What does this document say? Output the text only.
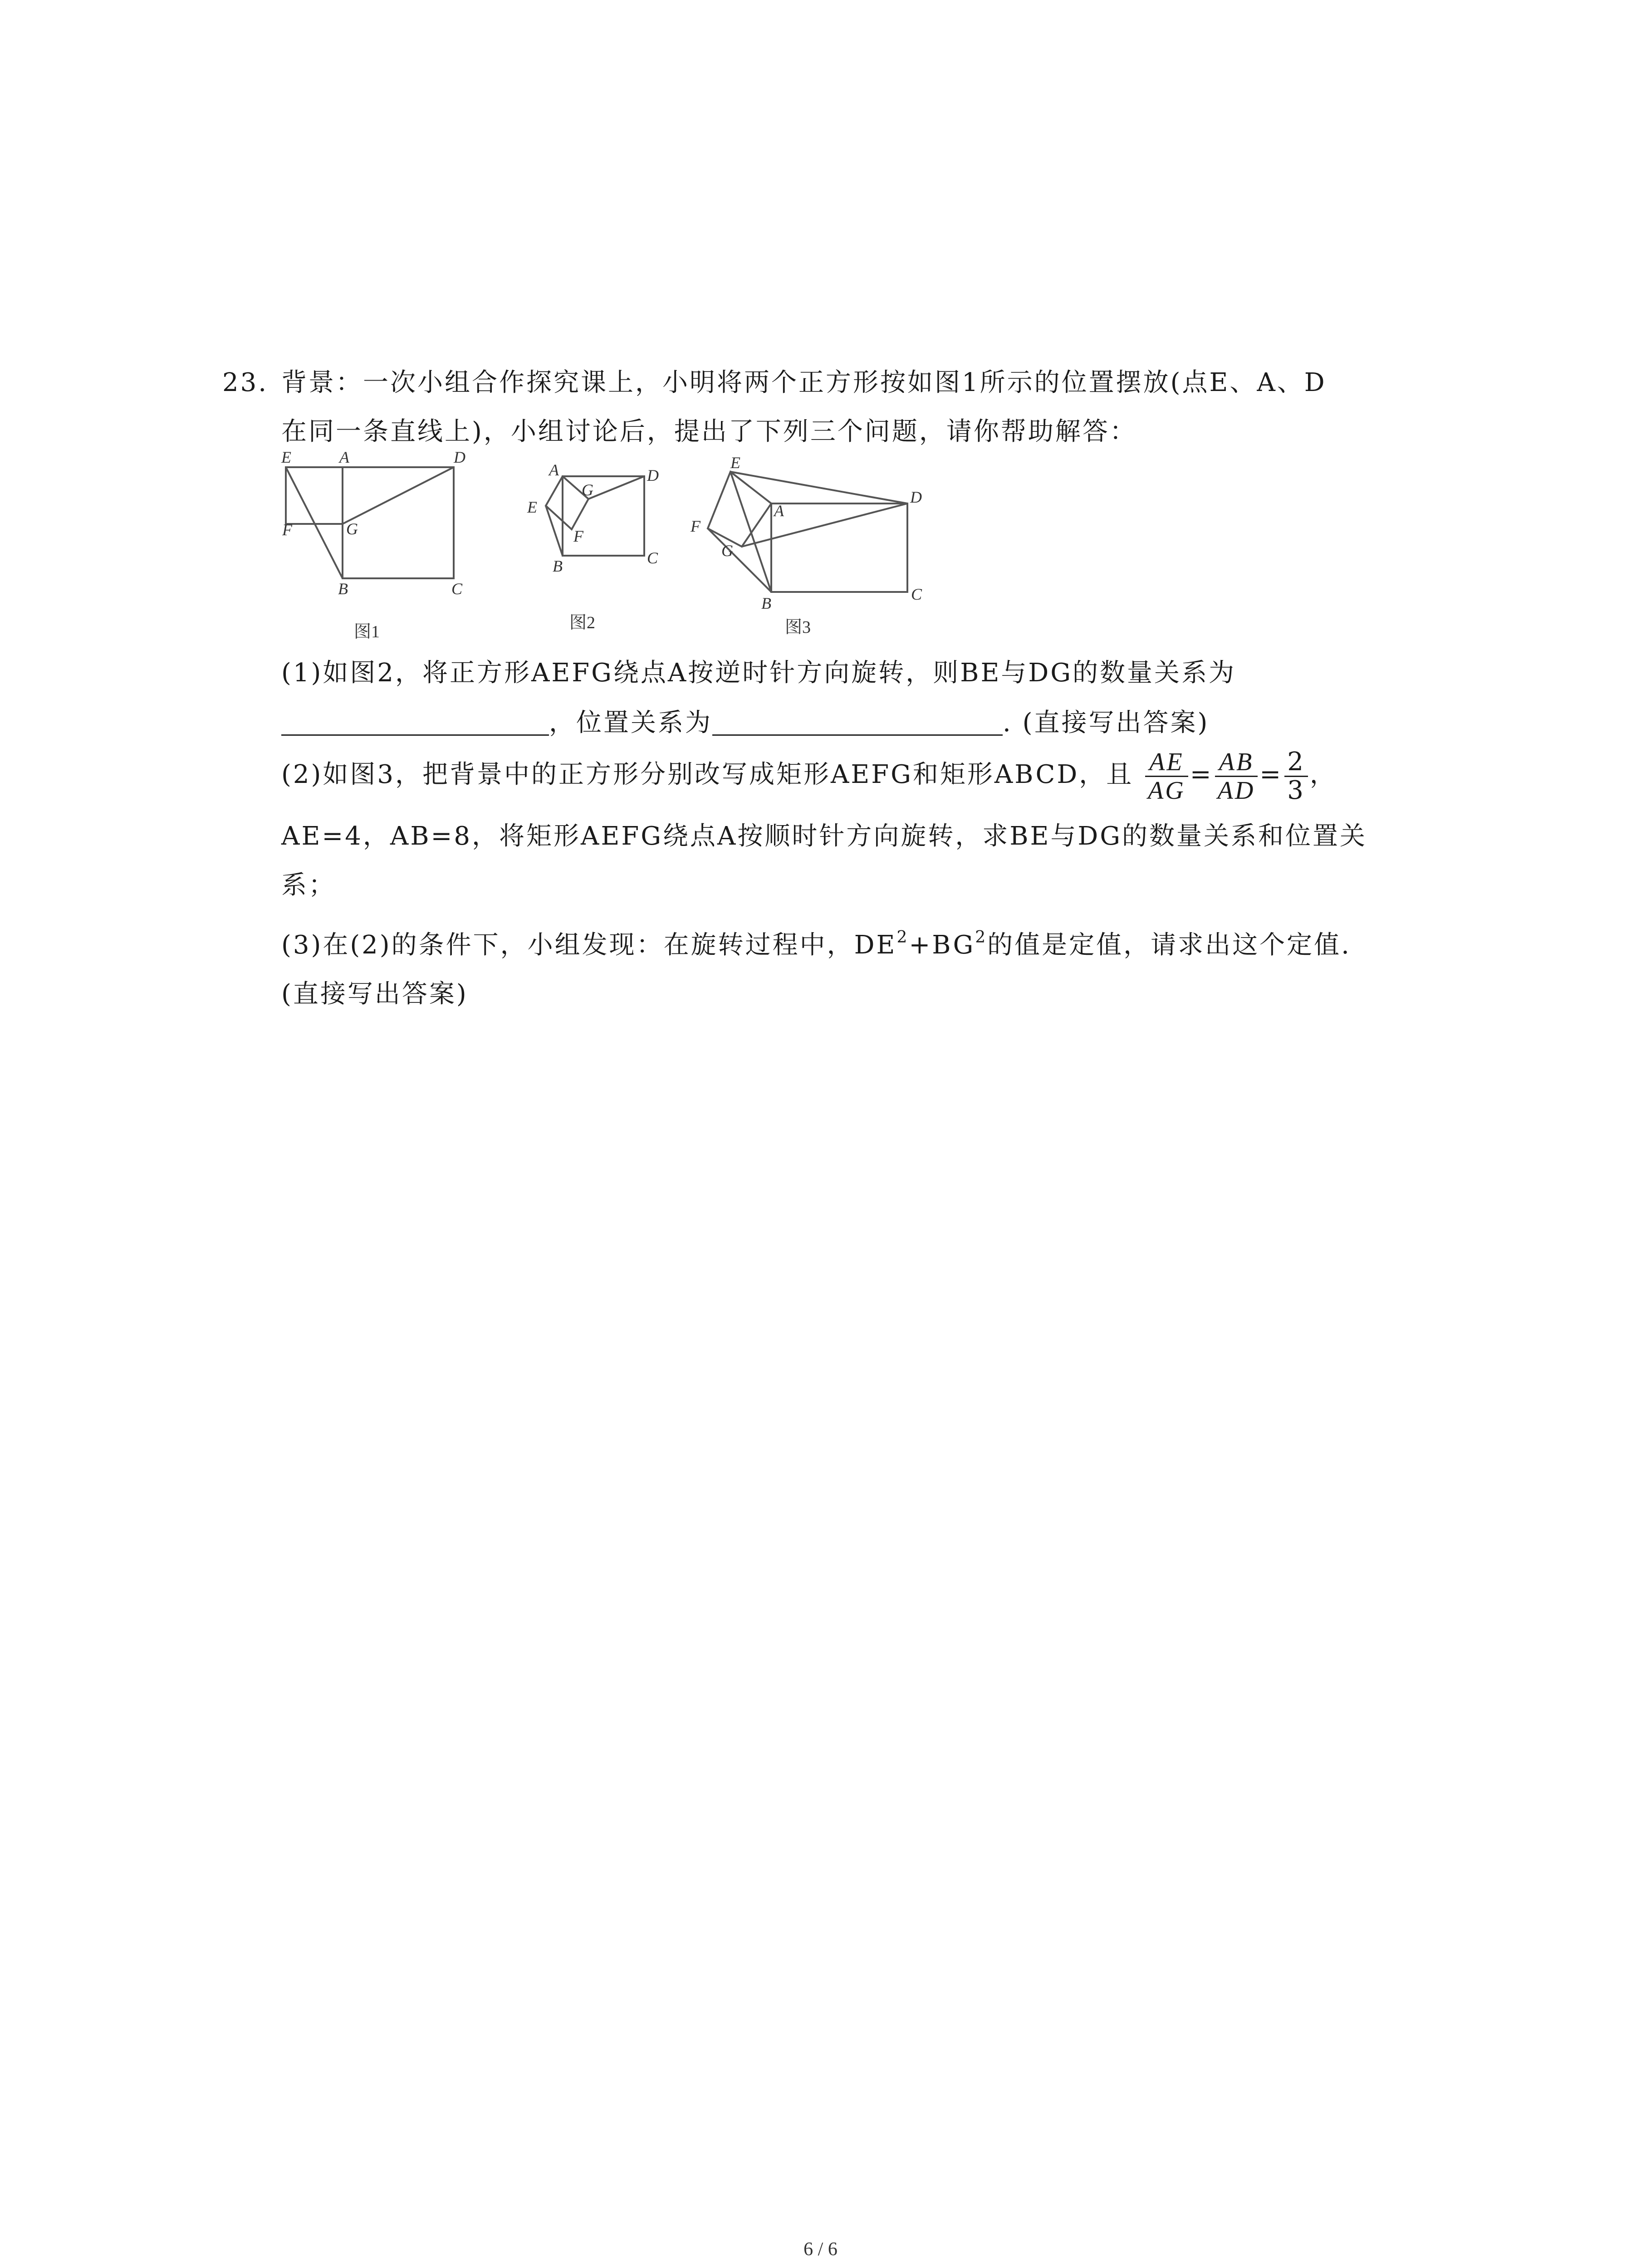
23. 背景：一次小组合作探究课上，小明将两个正方形按如图1所示的位置摆放(点E、A、D
在同一条直线上)，小组讨论后，提出了下列三个问题，请你帮助解答：
(1)如图2，将正方形AEFG绕点A按逆时针方向旋转，则BE与DG的数量关系为
，位置关系为	. (直接写出答案)
(2)如图3，把背景中的正方形分别改写成矩形AEFG和矩形ABCD，且 $\frac{AE}{AG} = \frac{AB}{AD} = \frac{2}{3}$ ，
AE=4，AB=8，将矩形AEFG绕点A按顺时针方向旋转，求BE与DG的数量关系和位置关
系；
(3)在(2)的条件下，小组发现：在旋转过程中，$DE^2+BG^2$的值是定值，请求出这个定值.
(直接写出答案)
E	A	D
F	G
B	C
A
G
D
E
F
B	C
E
A
D
F
G
B	C
图1	图2	图3
6 / 6
